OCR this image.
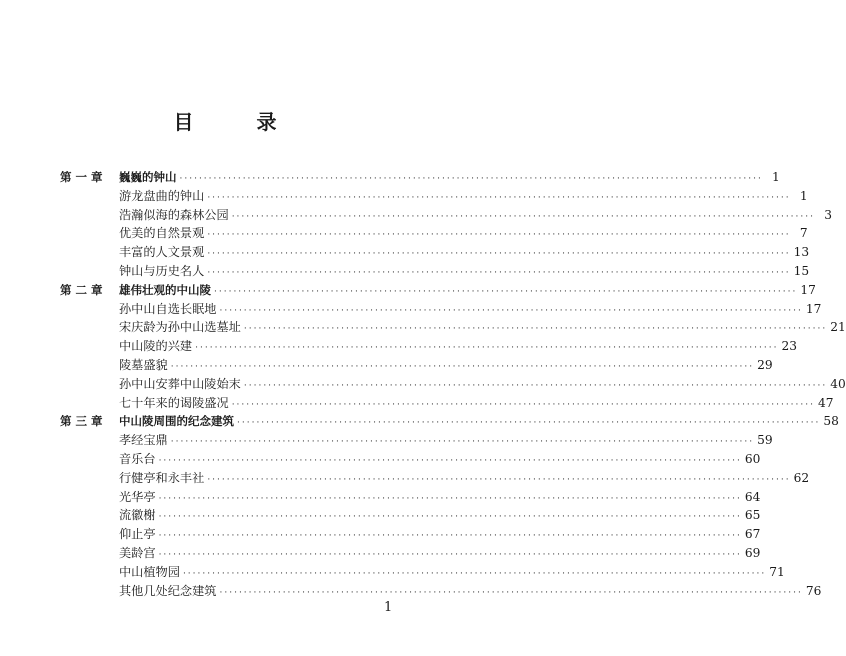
目 录
第 一 章	巍巍的钟山 ························································································································ 1
游龙盘曲的钟山 ························································································································ 1
浩瀚似海的森林公园 ························································································································ 3
优美的自然景观 ························································································································ 7
丰富的人文景观 ························································································································ 13
钟山与历史名人 ························································································································ 15
第 二 章	雄伟壮观的中山陵 ························································································································ 17
孙中山自选长眠地 ························································································································ 17
宋庆龄为孙中山选墓址 ························································································································ 21
中山陵的兴建 ························································································································ 23
陵墓盛貌 ························································································································ 29
孙中山安葬中山陵始末 ························································································································ 40
七十年来的谒陵盛况 ························································································································ 47
第 三 章	中山陵周围的纪念建筑 ························································································································ 58
孝经宝鼎 ························································································································ 59
音乐台 ························································································································ 60
行健亭和永丰社 ························································································································ 62
光华亭 ························································································································ 64
流徽榭 ························································································································ 65
仰止亭 ························································································································ 67
美龄宫 ························································································································ 69
中山植物园 ························································································································ 71
其他几处纪念建筑 ························································································································ 76
1
